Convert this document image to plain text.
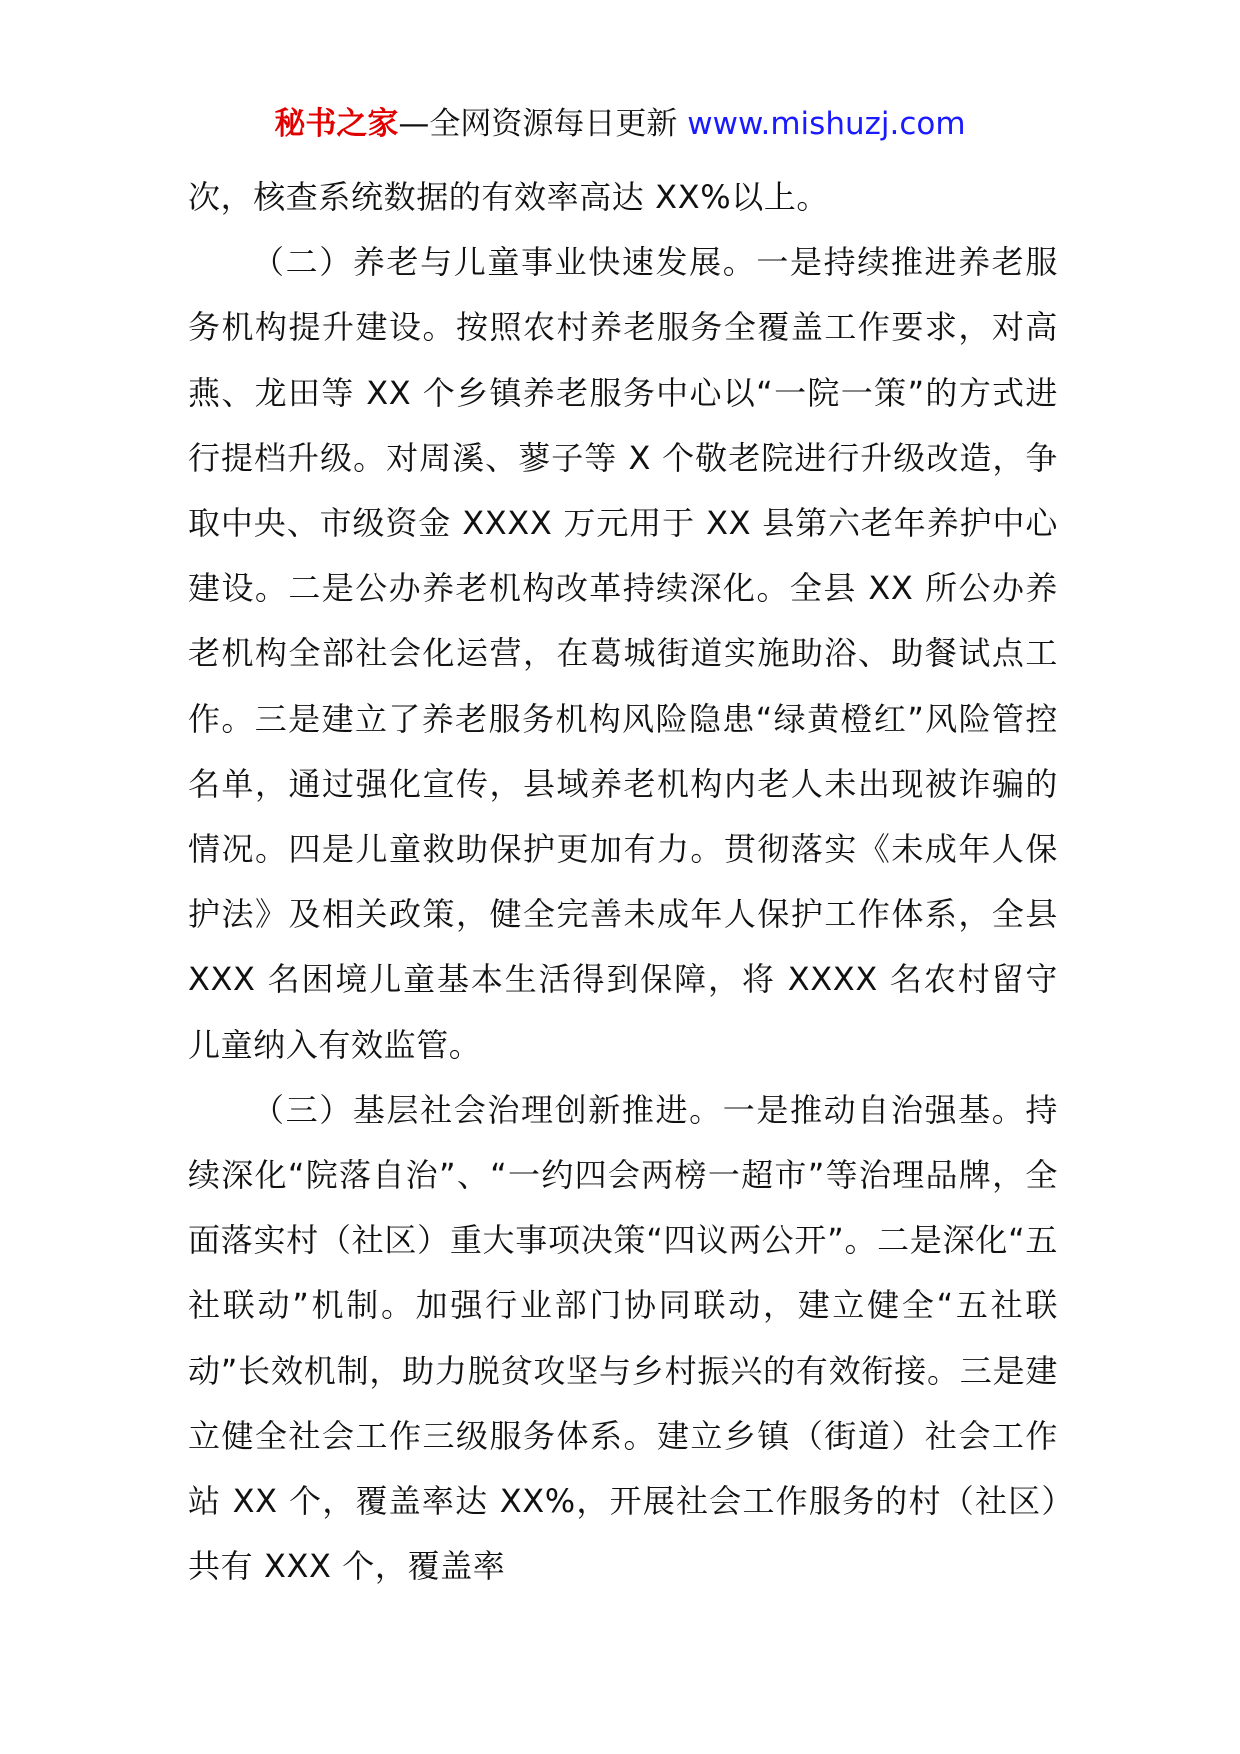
秘书之家—全网资源每日更新 www.mishuzj.com

次，核查系统数据的有效率高达 XX%以上。

（二）养老与儿童事业快速发展。一是持续推进养老服务机构提升建设。按照农村养老服务全覆盖工作要求，对高燕、龙田等 XX 个乡镇养老服务中心以“一院一策”的方式进行提档升级。对周溪、蓼子等 X 个敬老院进行升级改造，争取中央、市级资金 XXXX 万元用于 XX 县第六老年养护中心建设。二是公办养老机构改革持续深化。全县 XX 所公办养老机构全部社会化运营，在葛城街道实施助浴、助餐试点工作。三是建立了养老服务机构风险隐患“绿黄橙红”风险管控名单，通过强化宣传，县域养老机构内老人未出现被诈骗的情况。四是儿童救助保护更加有力。贯彻落实《未成年人保护法》及相关政策，健全完善未成年人保护工作体系，全县 XXX 名困境儿童基本生活得到保障，将 XXXX 名农村留守儿童纳入有效监管。

（三）基层社会治理创新推进。一是推动自治强基。持续深化“院落自治”、“一约四会两榜一超市”等治理品牌，全面落实村（社区）重大事项决策“四议两公开”。二是深化“五社联动”机制。加强行业部门协同联动，建立健全“五社联动”长效机制，助力脱贫攻坚与乡村振兴的有效衔接。三是建立健全社会工作三级服务体系。建立乡镇（街道）社会工作站 XX 个，覆盖率达 XX%，开展社会工作服务的村（社区）共有 XXX 个，覆盖率
